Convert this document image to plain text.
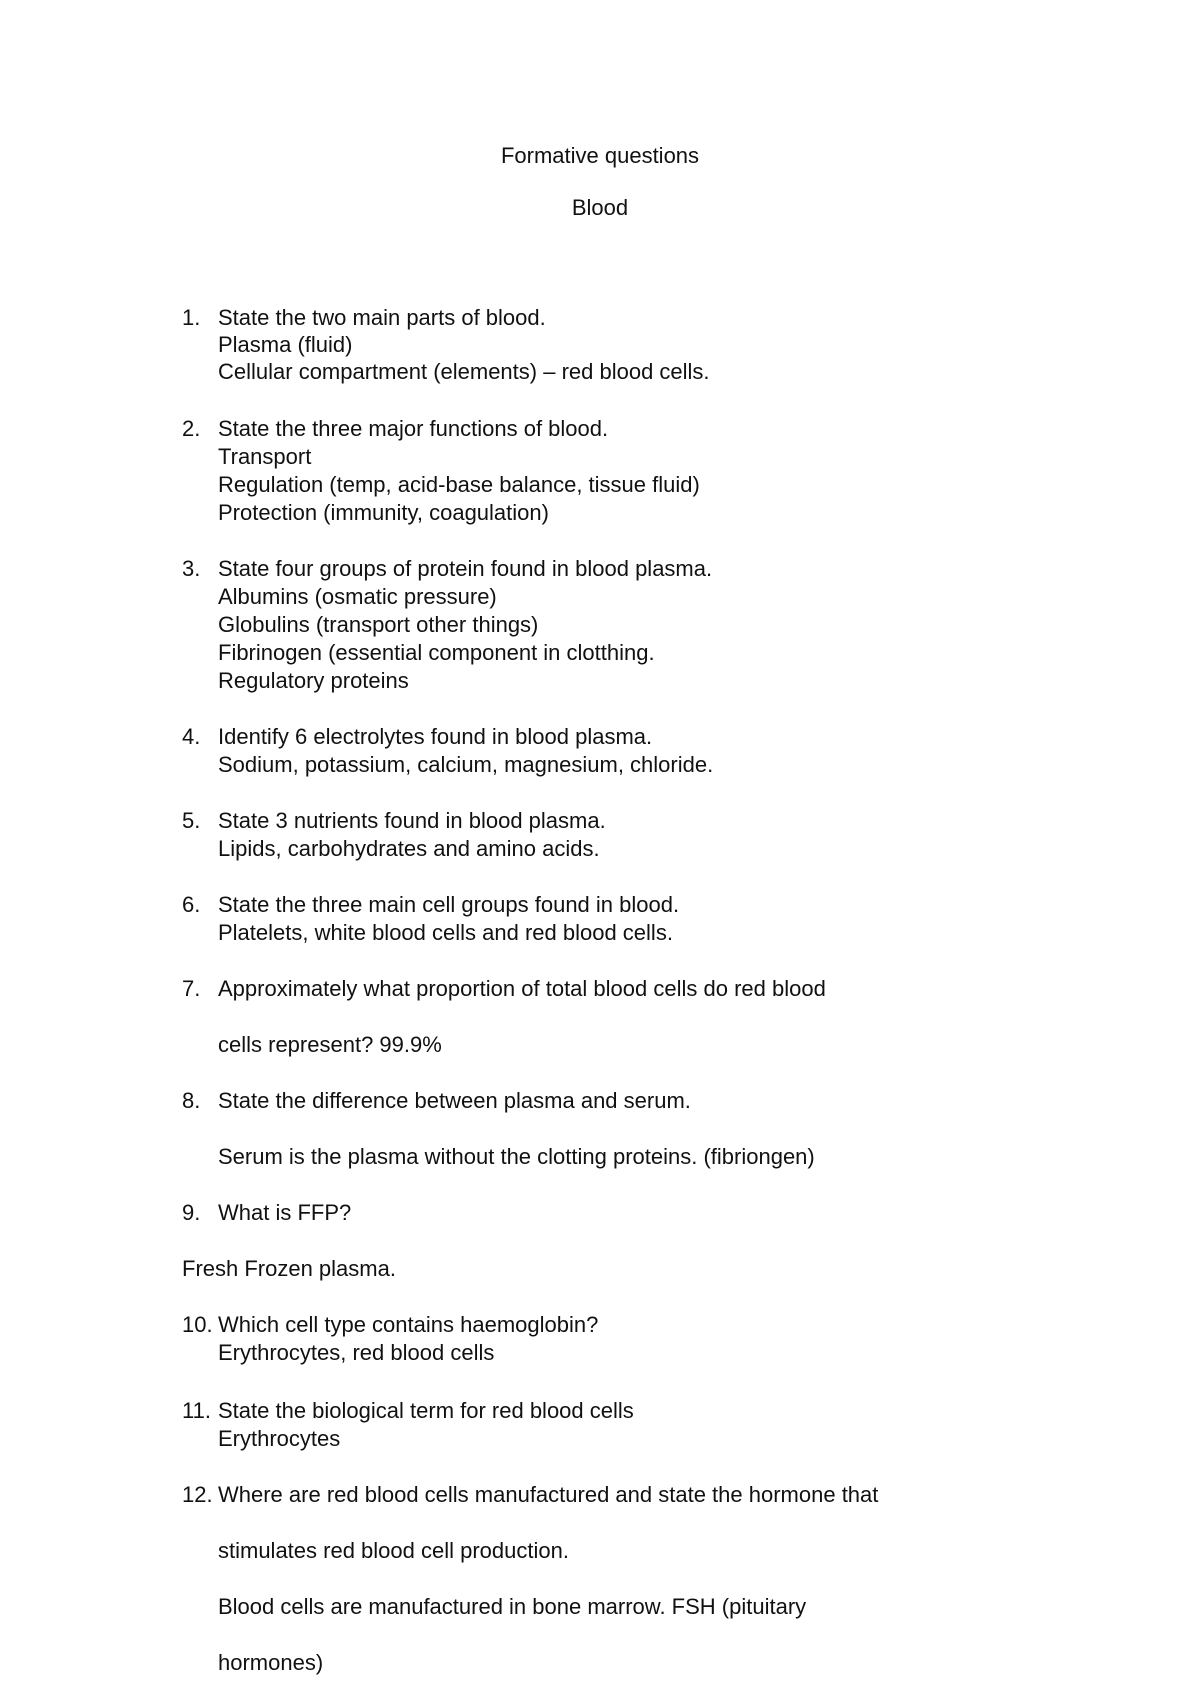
Formative questions
Blood
1. State the two main parts of blood.
Plasma (fluid)
Cellular compartment (elements) – red blood cells.
2. State the three major functions of blood.
Transport
Regulation (temp, acid-base balance, tissue fluid)
Protection (immunity, coagulation)
3. State four groups of protein found in blood plasma.
Albumins (osmatic pressure)
Globulins (transport other things)
Fibrinogen (essential component in clotthing.
Regulatory proteins
4. Identify 6 electrolytes found in blood plasma.
Sodium, potassium, calcium, magnesium, chloride.
5. State 3 nutrients found in blood plasma.
Lipids, carbohydrates and amino acids.
6. State the three main cell groups found in blood.
Platelets, white blood cells and red blood cells.
7. Approximately what proportion of total blood cells do red blood
cells represent? 99.9%
8. State the difference between plasma and serum.
Serum is the plasma without the clotting proteins. (fibriongen)
9. What is FFP?
Fresh Frozen plasma.
10. Which cell type contains haemoglobin?
Erythrocytes, red blood cells
11. State the biological term for red blood cells
Erythrocytes
12. Where are red blood cells manufactured and state the hormone that
stimulates red blood cell production.
Blood cells are manufactured in bone marrow. FSH (pituitary
hormones)
